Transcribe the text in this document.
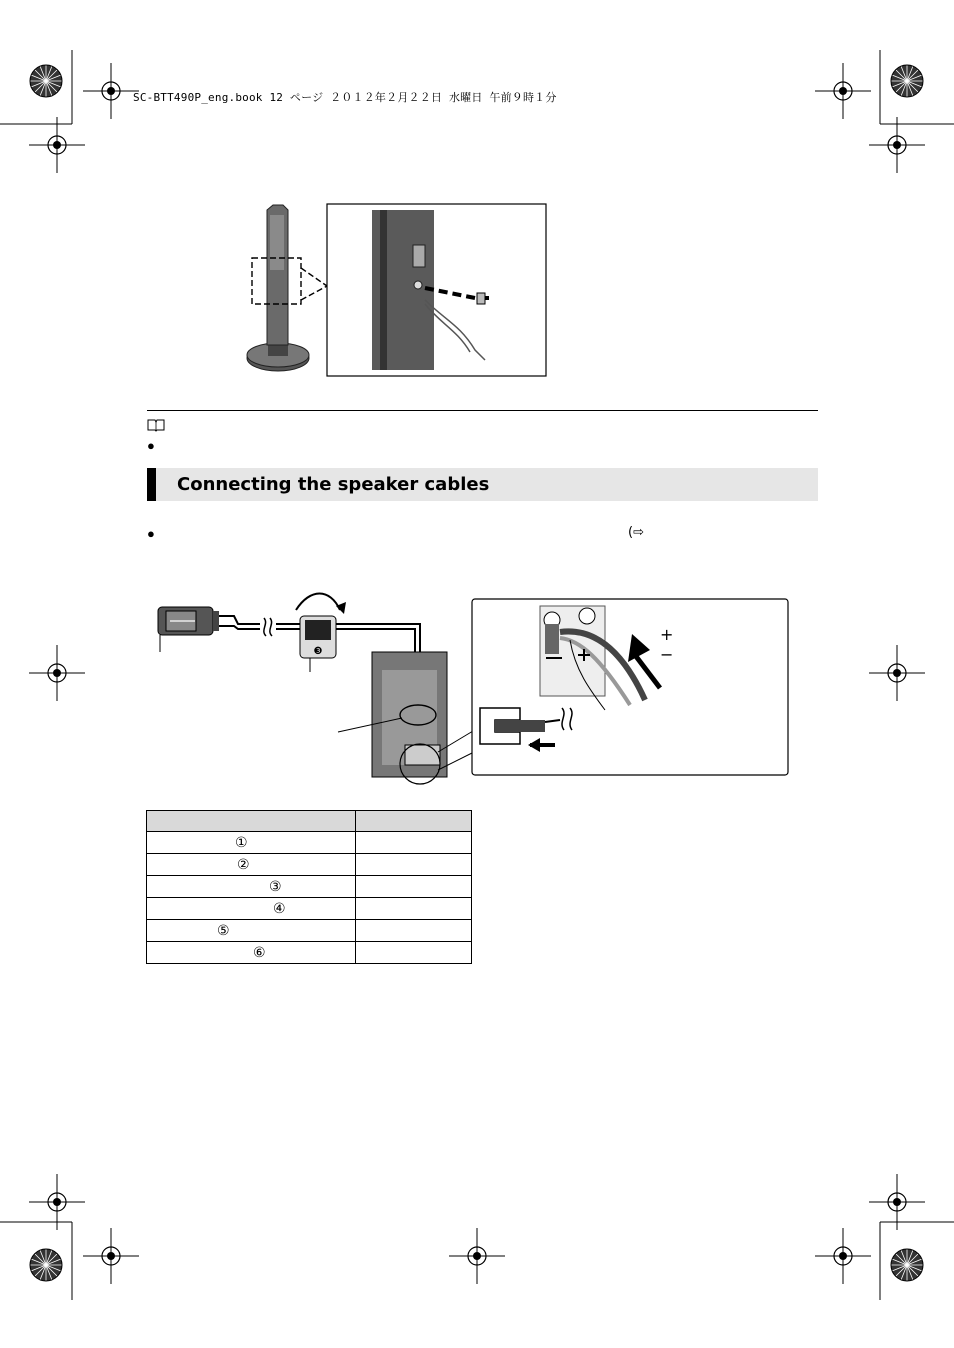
SC-BTT490P_eng.book 12 ページ ２０１２年２月２２日 水曜日 午前９時１分
●
Connecting the speaker cables
●	(⇨
❸
+
−

①	
②	
③	
④	
⑤	
⑥	
